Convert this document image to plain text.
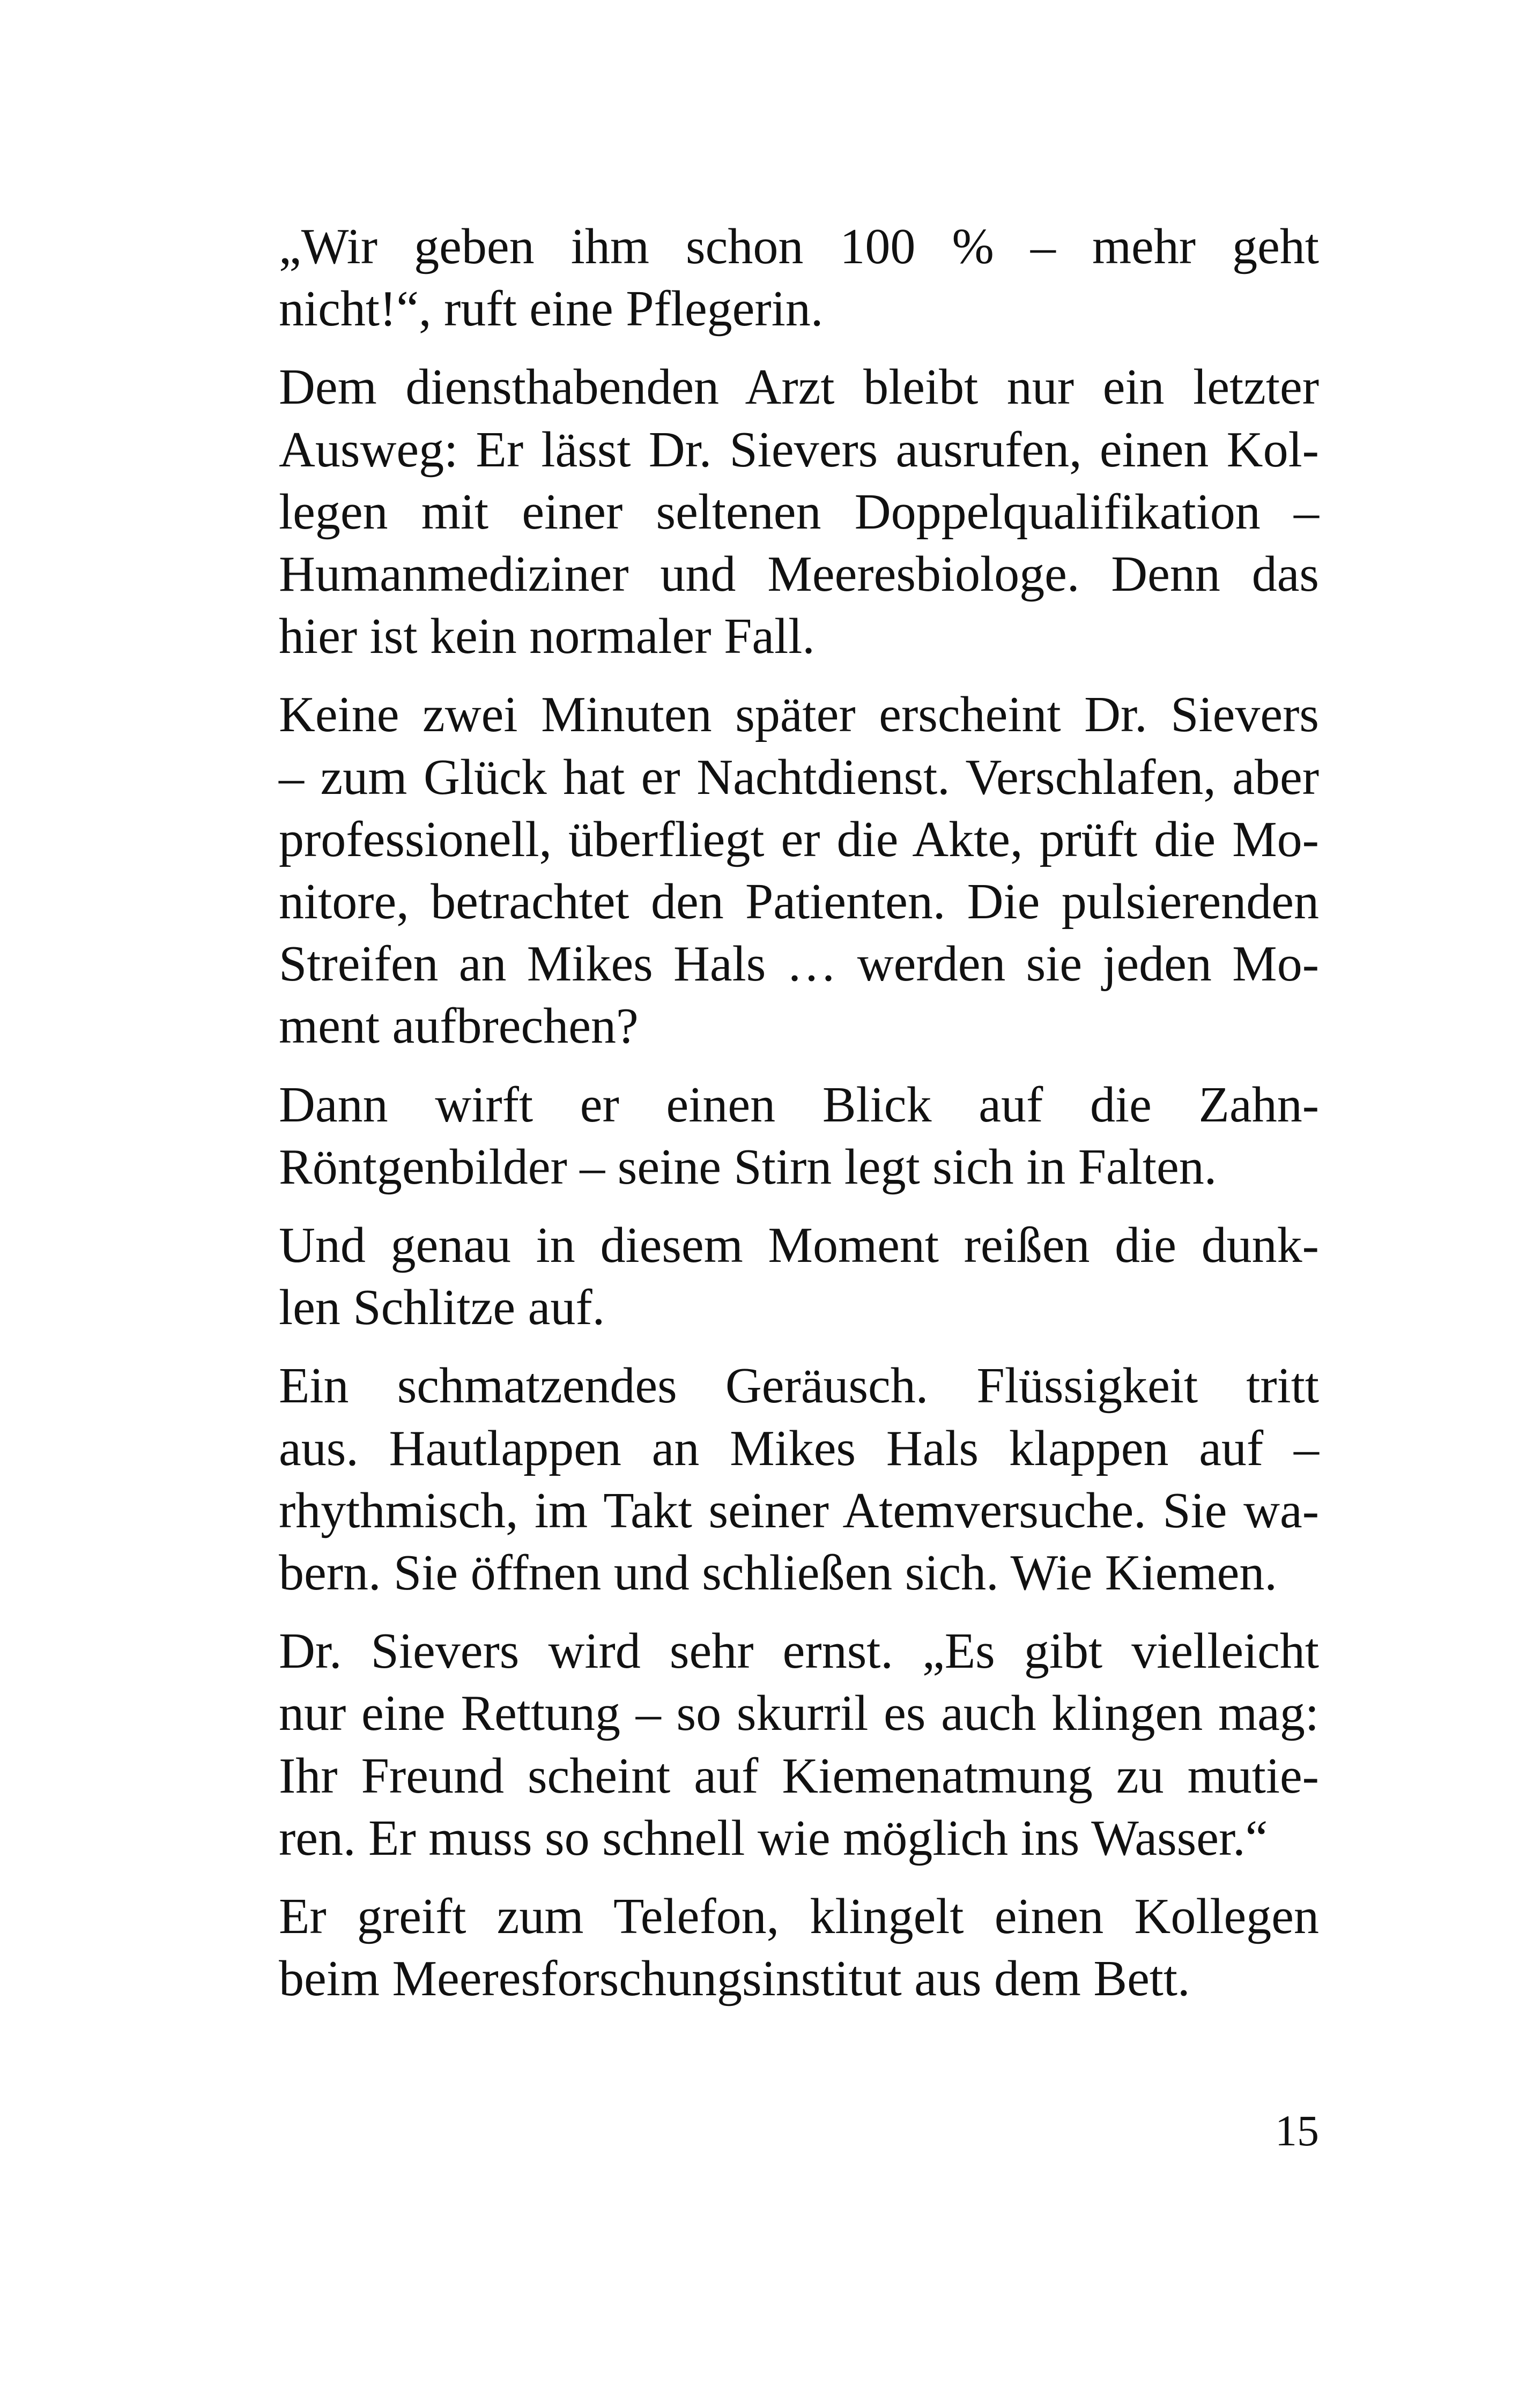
„Wir geben ihm schon 100 % – mehr geht
nicht!“, ruft eine Pflegerin.

Dem diensthabenden Arzt bleibt nur ein letzter
Ausweg: Er lässt Dr. Sievers ausrufen, einen Kol-
legen mit einer seltenen Doppelqualifikation –
Humanmediziner und Meeresbiologe. Denn das
hier ist kein normaler Fall.

Keine zwei Minuten später erscheint Dr. Sievers
– zum Glück hat er Nachtdienst. Verschlafen, aber
professionell, überfliegt er die Akte, prüft die Mo-
nitore, betrachtet den Patienten. Die pulsierenden
Streifen an Mikes Hals … werden sie jeden Mo-
ment aufbrechen?

Dann wirft er einen Blick auf die Zahn-
Röntgenbilder – seine Stirn legt sich in Falten.

Und genau in diesem Moment reißen die dunk-
len Schlitze auf.

Ein schmatzendes Geräusch. Flüssigkeit tritt
aus. Hautlappen an Mikes Hals klappen auf –
rhythmisch, im Takt seiner Atemversuche. Sie wa-
bern. Sie öffnen und schließen sich. Wie Kiemen.

Dr. Sievers wird sehr ernst. „Es gibt vielleicht
nur eine Rettung – so skurril es auch klingen mag:
Ihr Freund scheint auf Kiemenatmung zu mutie-
ren. Er muss so schnell wie möglich ins Wasser.“

Er greift zum Telefon, klingelt einen Kollegen
beim Meeresforschungsinstitut aus dem Bett.

15
